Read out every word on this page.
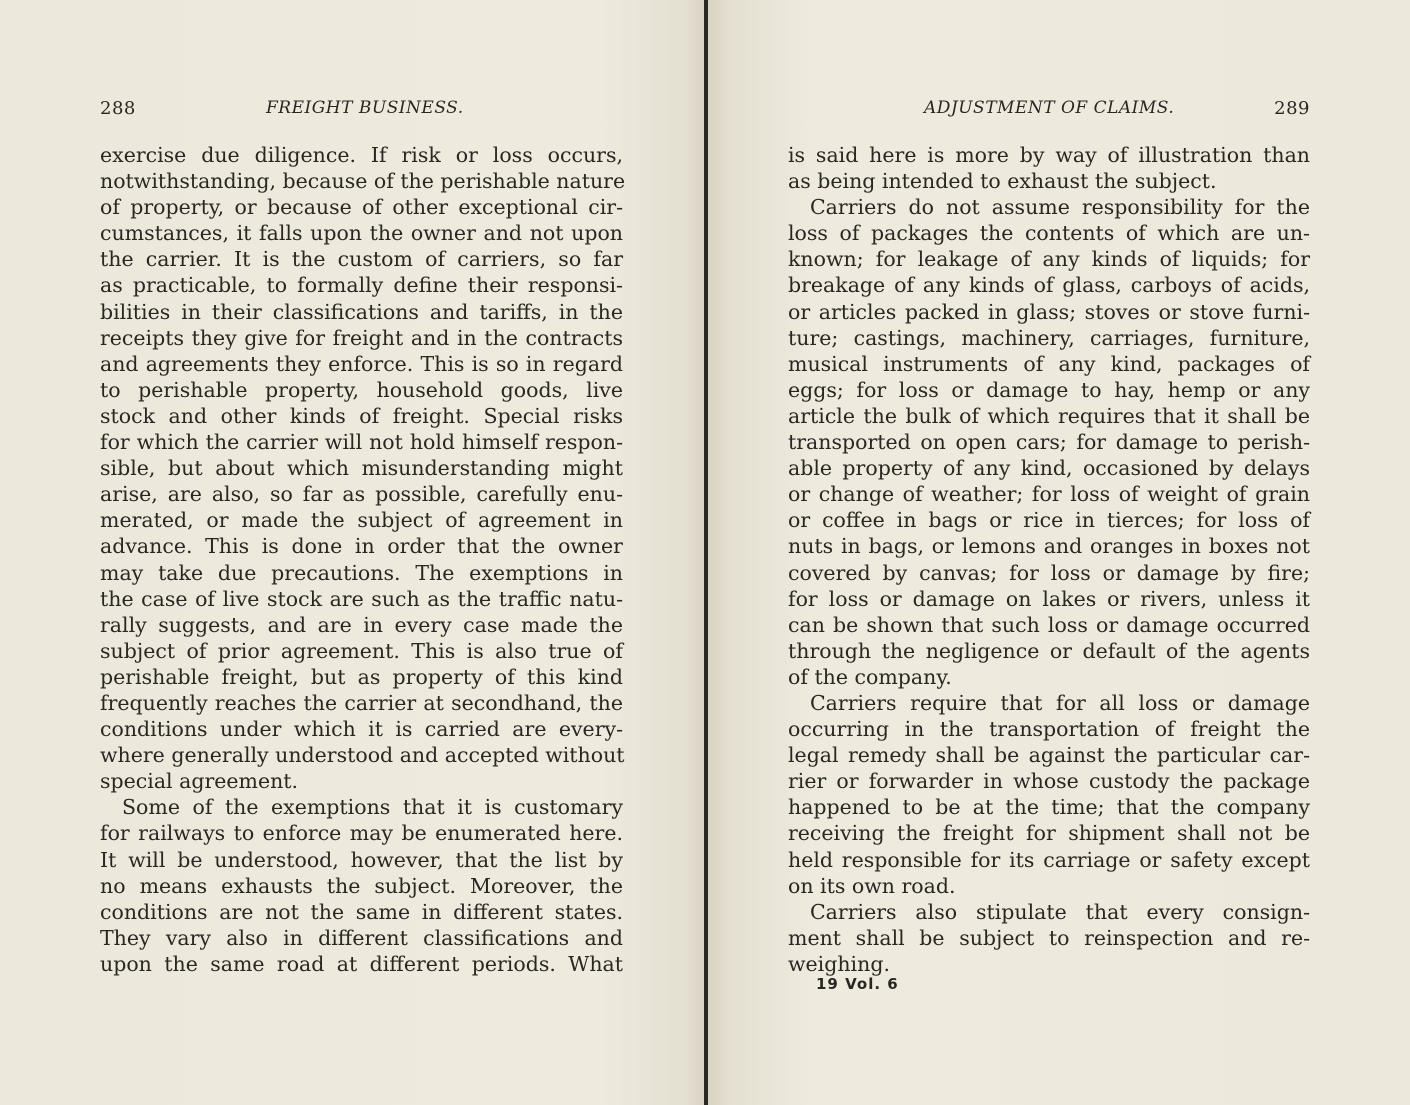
288	FREIGHT BUSINESS.
exercise due diligence. If risk or loss occurs,
notwithstanding, because of the perishable nature
of property, or because of other exceptional cir-
cumstances, it falls upon the owner and not upon
the carrier. It is the custom of carriers, so far
as practicable, to formally define their responsi-
bilities in their classifications and tariffs, in the
receipts they give for freight and in the contracts
and agreements they enforce. This is so in regard
to perishable property, household goods, live
stock and other kinds of freight. Special risks
for which the carrier will not hold himself respon-
sible, but about which misunderstanding might
arise, are also, so far as possible, carefully enu-
merated, or made the subject of agreement in
advance. This is done in order that the owner
may take due precautions. The exemptions in
the case of live stock are such as the traffic natu-
rally suggests, and are in every case made the
subject of prior agreement. This is also true of
perishable freight, but as property of this kind
frequently reaches the carrier at secondhand, the
conditions under which it is carried are every-
where generally understood and accepted without
special agreement.
Some of the exemptions that it is customary
for railways to enforce may be enumerated here.
It will be understood, however, that the list by
no means exhausts the subject. Moreover, the
conditions are not the same in different states.
They vary also in different classifications and
upon the same road at different periods. What
ADJUSTMENT OF CLAIMS.	289
is said here is more by way of illustration than
as being intended to exhaust the subject.
Carriers do not assume responsibility for the
loss of packages the contents of which are un-
known; for leakage of any kinds of liquids; for
breakage of any kinds of glass, carboys of acids,
or articles packed in glass; stoves or stove furni-
ture; castings, machinery, carriages, furniture,
musical instruments of any kind, packages of
eggs; for loss or damage to hay, hemp or any
article the bulk of which requires that it shall be
transported on open cars; for damage to perish-
able property of any kind, occasioned by delays
or change of weather; for loss of weight of grain
or coffee in bags or rice in tierces; for loss of
nuts in bags, or lemons and oranges in boxes not
covered by canvas; for loss or damage by fire;
for loss or damage on lakes or rivers, unless it
can be shown that such loss or damage occurred
through the negligence or default of the agents
of the company.
Carriers require that for all loss or damage
occurring in the transportation of freight the
legal remedy shall be against the particular car-
rier or forwarder in whose custody the package
happened to be at the time; that the company
receiving the freight for shipment shall not be
held responsible for its carriage or safety except
on its own road.
Carriers also stipulate that every consign-
ment shall be subject to reinspection and re-
weighing.
19 Vol. 6
